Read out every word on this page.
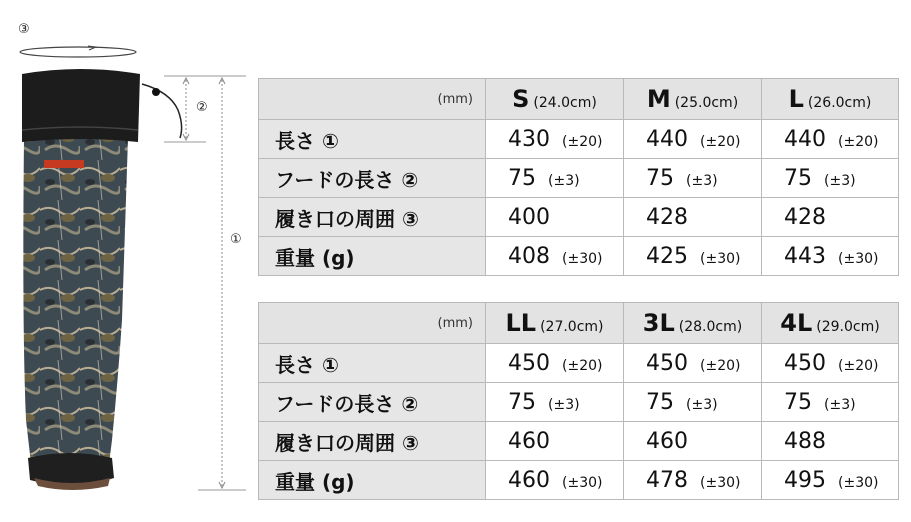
③
②
①
(mm)	S (24.0cm)	M (25.0cm)	L (26.0cm)
長さ ①	430 (±20)	440 (±20)	440 (±20)
フードの長さ ②	75 (±3)	75 (±3)	75 (±3)
履き口の周囲 ③	400	428	428
重量 (g)	408 (±30)	425 (±30)	443 (±30)
(mm)	LL (27.0cm)	3L (28.0cm)	4L (29.0cm)
長さ ①	450 (±20)	450 (±20)	450 (±20)
フードの長さ ②	75 (±3)	75 (±3)	75 (±3)
履き口の周囲 ③	460	460	488
重量 (g)	460 (±30)	478 (±30)	495 (±30)
